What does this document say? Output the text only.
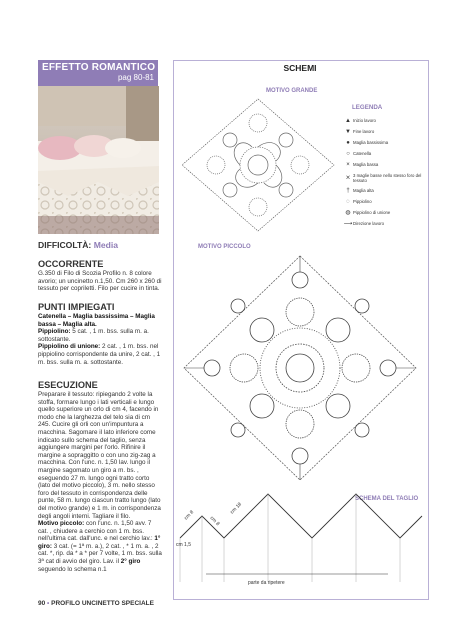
EFFETTO ROMANTICO
pag 80-81
DIFFICOLTÀ: Media
OCCORRENTE
G.350 di Filo di Scozia Profilo n. 8 colore avorio; un uncinetto n.1,50. Cm 260 x 260 di tessuto per copriletti. Filo per cucire in tinta.
PUNTI IMPIEGATI
Catenella – Maglia bassissima – Maglia bassa – Maglia alta.
Pippiolino: 5 cat. , 1 m. bss. sulla m. a. sottostante.
Pippiolino di unione: 2 cat. , 1 m. bss. nel pippiolino corrispondente da unire, 2 cat. , 1 m. bss. sulla m. a. sottostante.
ESECUZIONE
Preparare il tessuto: ripiegando 2 volte la stoffa, formare lungo i lati verticali e lungo quello superiore un orlo di cm 4, facendo in modo che la larghezza del telo sia di cm 245. Cucire gli orli con un'impuntura a macchina. Sagomare il lato inferiore come indicato sullo schema del taglio, senza aggiungere margini per l'orlo. Rifinire il margine a sopraggitto o con uno zig-zag a macchina. Con l'unc. n. 1,50 lav. lungo il margine sagomato un giro a m. bs. , eseguendo 27 m. lungo ogni tratto corto (lato del motivo piccolo), 3 m. nello stesso foro del tessuto in corrispondenza delle punte, 58 m. lungo ciascun tratto lungo (lato del motivo grande) e 1 m. in corrispondenza degli angoli interni. Tagliare il filo.
Motivo piccolo: con l'unc. n. 1,50 avv. 7 cat. , chiudere a cerchio con 1 m. bss. nell'ultima cat. dall'unc. e nel cerchio lav.: 1° giro: 3 cat. (= 1ª m. a.), 2 cat. , * 1 m. a. , 2 cat. *, rip. da * a * per 7 volte, 1 m. bss. sulla 3ª cat di avvio del giro. Lav. il 2° giro seguendo lo schema n.1
90 • PROFILO UNCINETTO SPECIALE
SCHEMI
MOTIVO GRANDE
MOTIVO PICCOLO
SCHEMA DEL TAGLIO
LEGENDA
▲ Inizio lavoro
▼ Fine lavoro
● Maglia bassissima
○ Catenella
× Maglia bassa
⨯ 3 maglie basse nello stesso foro del tessuto
† Maglia alta
◌ Pippiolino
◍ Pippiolino di unione
⟶ Direzione lavoro
cm 8
cm 18
cm 8
cm 1,5
parte da ripetere
